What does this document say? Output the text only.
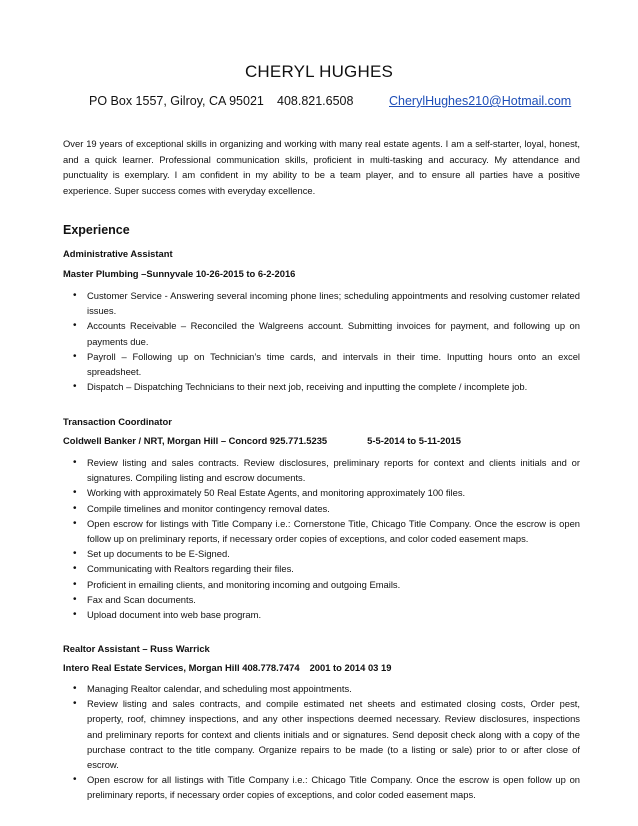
CHERYL HUGHES
PO Box 1557, Gilroy, CA 95021 408.821.6508	CherylHughes210@Hotmail.com

Over 19 years of exceptional skills in organizing and working with many real estate agents. I am a self-starter, loyal, honest, and a quick learner. Professional communication skills, proficient in multi-tasking and accuracy. My attendance and punctuality is exemplary. I am confident in my ability to be a team player, and to ensure all parties have a positive experience. Super success comes with everyday excellence.

Experience

Administrative Assistant

Master Plumbing –Sunnyvale 10-26-2015 to 6-2-2016

• Customer Service - Answering several incoming phone lines; scheduling appointments and resolving customer related issues.
• Accounts Receivable – Reconciled the Walgreens account. Submitting invoices for payment, and following up on payments due.
• Payroll – Following up on Technician’s time cards, and intervals in their time. Inputting hours onto an excel spreadsheet.
• Dispatch – Dispatching Technicians to their next job, receiving and inputting the complete / incomplete job.

Transaction Coordinator

Coldwell Banker / NRT, Morgan Hill – Concord 925.771.5235	5-5-2014 to 5-11-2015

• Review listing and sales contracts. Review disclosures, preliminary reports for context and clients initials and or signatures. Compiling listing and escrow documents.
• Working with approximately 50 Real Estate Agents, and monitoring approximately 100 files.
• Compile timelines and monitor contingency removal dates.
• Open escrow for listings with Title Company i.e.: Cornerstone Title, Chicago Title Company. Once the escrow is open follow up on preliminary reports, if necessary order copies of exceptions, and color coded easement maps.
• Set up documents to be E-Signed.
• Communicating with Realtors regarding their files.
• Proficient in emailing clients, and monitoring incoming and outgoing Emails.
• Fax and Scan documents.
• Upload document into web base program.

Realtor Assistant – Russ Warrick

Intero Real Estate Services, Morgan Hill 408.778.7474 2001 to 2014 03 19

• Managing Realtor calendar, and scheduling most appointments.
• Review listing and sales contracts, and compile estimated net sheets and estimated closing costs, Order pest, property, roof, chimney inspections, and any other inspections deemed necessary. Review disclosures, inspections and preliminary reports for context and clients initials and or signatures. Send deposit check along with a copy of the purchase contract to the title company. Organize repairs to be made (to a listing or sale) prior to or after close of escrow.
• Open escrow for all listings with Title Company i.e.: Chicago Title Company. Once the escrow is open follow up on preliminary reports, if necessary order copies of exceptions, and color coded easement maps.
